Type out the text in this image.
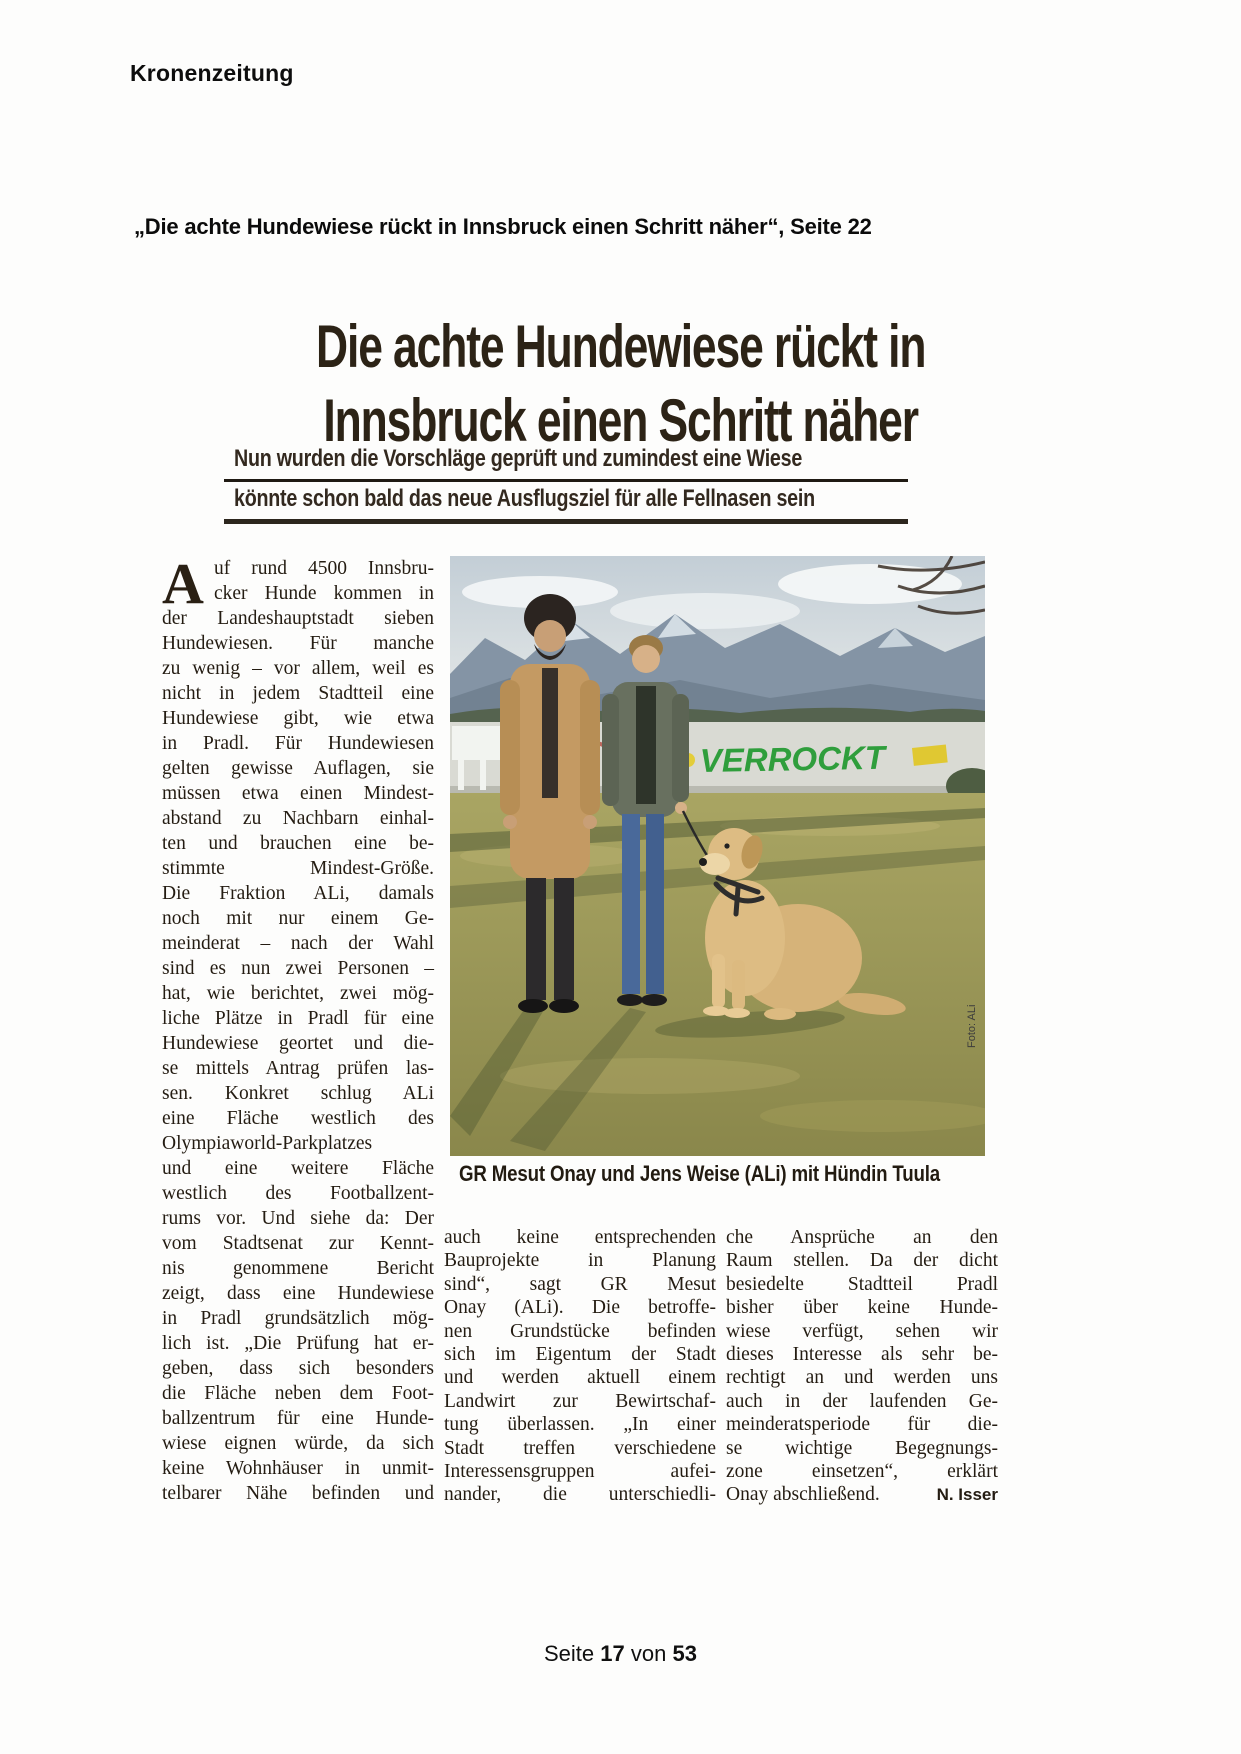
Kronenzeitung
„Die achte Hundewiese rückt in Innsbruck einen Schritt näher“, Seite 22
Die achte Hundewiese rückt in
Innsbruck einen Schritt näher
Nun wurden die Vorschläge geprüft und zumindest eine Wiese
könnte schon bald das neue Ausflugsziel für alle Fellnasen sein
VERROCKT
Foto: ALi
GR Mesut Onay und Jens Weise (ALi) mit Hündin Tuula
A uf rund 4500 Innsbru-
cker Hunde kommen in
der Landeshauptstadt sieben
Hundewiesen. Für manche
zu wenig – vor allem, weil es
nicht in jedem Stadtteil eine
Hundewiese gibt, wie etwa
in Pradl. Für Hundewiesen
gelten gewisse Auflagen, sie
müssen etwa einen Mindest-
abstand zu Nachbarn einhal-
ten und brauchen eine be-
stimmte Mindest-Größe.
Die Fraktion ALi, damals
noch mit nur einem Ge-
meinderat – nach der Wahl
sind es nun zwei Personen –
hat, wie berichtet, zwei mög-
liche Plätze in Pradl für eine
Hundewiese geortet und die-
se mittels Antrag prüfen las-
sen. Konkret schlug ALi
eine Fläche westlich des
Olympiaworld-Parkplatzes
und eine weitere Fläche
westlich des Footballzent-
rums vor. Und siehe da: Der
vom Stadtsenat zur Kennt-
nis genommene Bericht
zeigt, dass eine Hundewiese
in Pradl grundsätzlich mög-
lich ist. „Die Prüfung hat er-
geben, dass sich besonders
die Fläche neben dem Foot-
ballzentrum für eine Hunde-
wiese eignen würde, da sich
keine Wohnhäuser in unmit-
telbarer Nähe befinden und
auch keine entsprechenden
Bauprojekte in Planung
sind“, sagt GR Mesut
Onay (ALi). Die betroffe-
nen Grundstücke befinden
sich im Eigentum der Stadt
und werden aktuell einem
Landwirt zur Bewirtschaf-
tung überlassen. „In einer
Stadt treffen verschiedene
Interessensgruppen aufei-
nander, die unterschiedli-
che Ansprüche an den
Raum stellen. Da der dicht
besiedelte Stadtteil Pradl
bisher über keine Hunde-
wiese verfügt, sehen wir
dieses Interesse als sehr be-
rechtigt an und werden uns
auch in der laufenden Ge-
meinderatsperiode für die-
se wichtige Begegnungs-
zone einsetzen“, erklärt
Onay abschließend.	N. Isser
Seite 17 von 53
